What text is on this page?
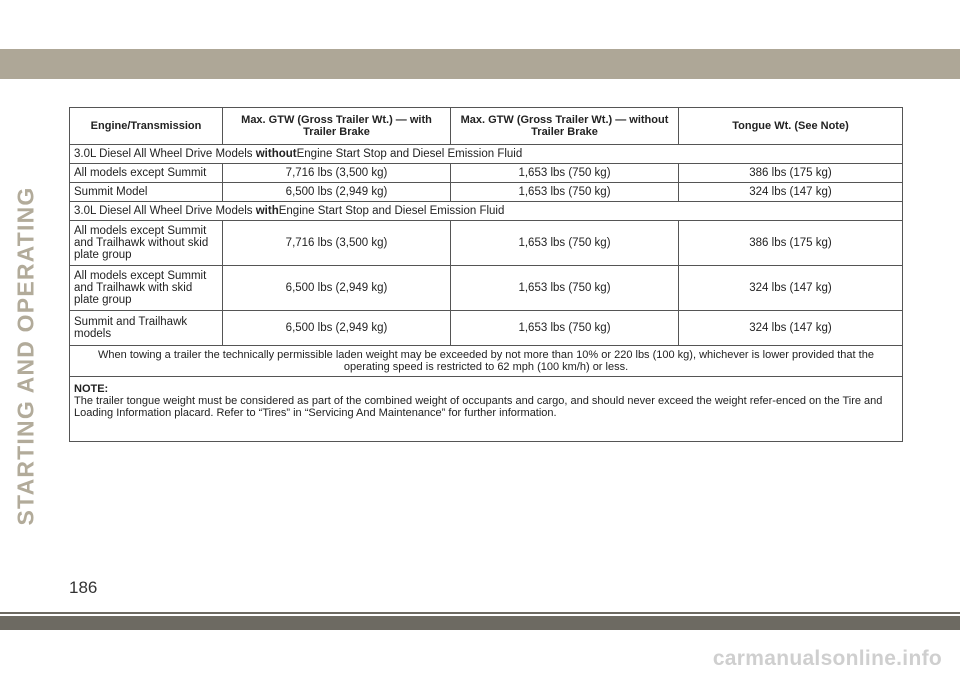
STARTING AND OPERATING
Engine/Transmission	Max. GTW (Gross Trailer Wt.) — with Trailer Brake	Max. GTW (Gross Trailer Wt.) — without Trailer Brake	Tongue Wt. (See Note)
3.0L Diesel All Wheel Drive Models withoutEngine Start Stop and Diesel Emission Fluid			
All models except Summit	7,716 lbs (3,500 kg)	1,653 lbs (750 kg)	386 lbs (175 kg)
Summit Model	6,500 lbs (2,949 kg)	1,653 lbs (750 kg)	324 lbs (147 kg)
3.0L Diesel All Wheel Drive Models withEngine Start Stop and Diesel Emission Fluid			
All models except Summit and Trailhawk without skid plate group	7,716 lbs (3,500 kg)	1,653 lbs (750 kg)	386 lbs (175 kg)
All models except Summit and Trailhawk with skid plate group	6,500 lbs (2,949 kg)	1,653 lbs (750 kg)	324 lbs (147 kg)
Summit and Trailhawk models	6,500 lbs (2,949 kg)	1,653 lbs (750 kg)	324 lbs (147 kg)
When towing a trailer the technically permissible laden weight may be exceeded by not more than 10% or 220 lbs (100 kg), whichever is lower provided that the operating speed is restricted to 62 mph (100 km/h) or less.			

NOTE:
The trailer tongue weight must be considered as part of the combined weight of occupants and cargo, and should never exceed the weight refer-enced on the Tire and Loading Information placard. Refer to “Tires” in “Servicing And Maintenance” for further information.			
186
carmanualsonline.info
